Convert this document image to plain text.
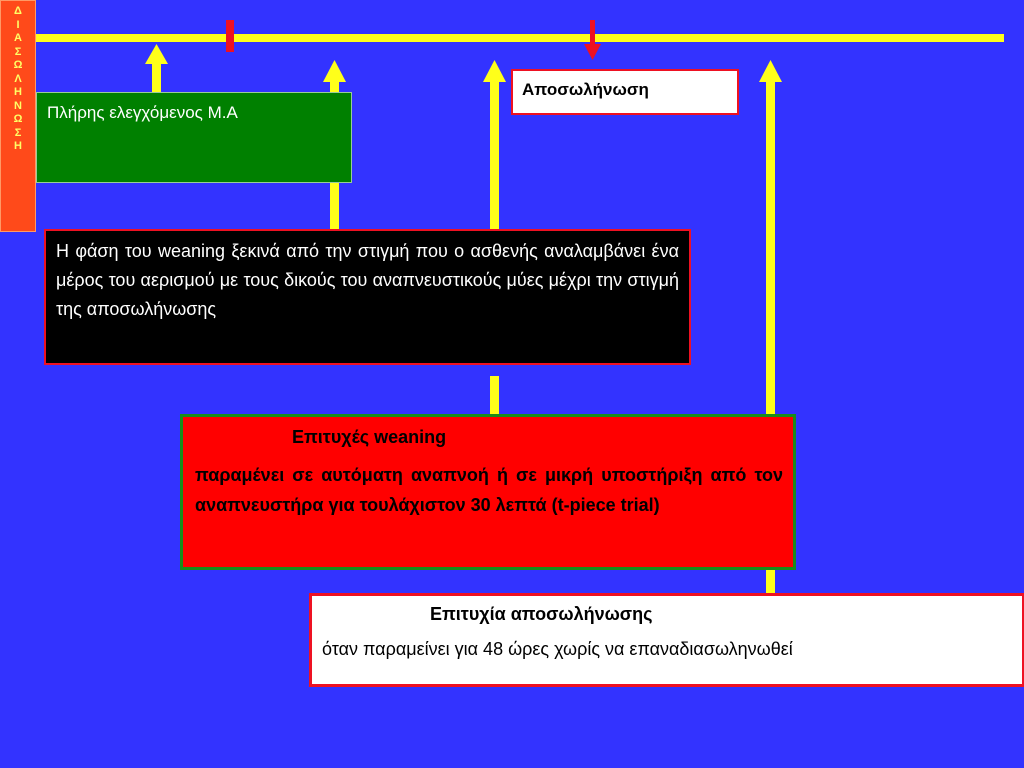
Δ
Ι
Α
Σ
Ω
Λ
Η
Ν
Ω
Σ
Η
Πλήρης ελεγχόμενος Μ.Α
Αποσωλήνωση
Η φάση του weaning ξεκινά από την στιγμή που ο ασθενής αναλαμβάνει ένα μέρος του αερισμού με τους δικούς του αναπνευστικούς μύες μέχρι την στιγμή της αποσωλήνωσης
Επιτυχές weaning
παραμένει σε αυτόματη αναπνοή ή σε μικρή υποστήριξη από τον αναπνευστήρα για τουλάχιστον 30 λεπτά (t-piece trial)
Επιτυχία αποσωλήνωσης
όταν παραμείνει για 48 ώρες χωρίς να επαναδιασωληνωθεί
